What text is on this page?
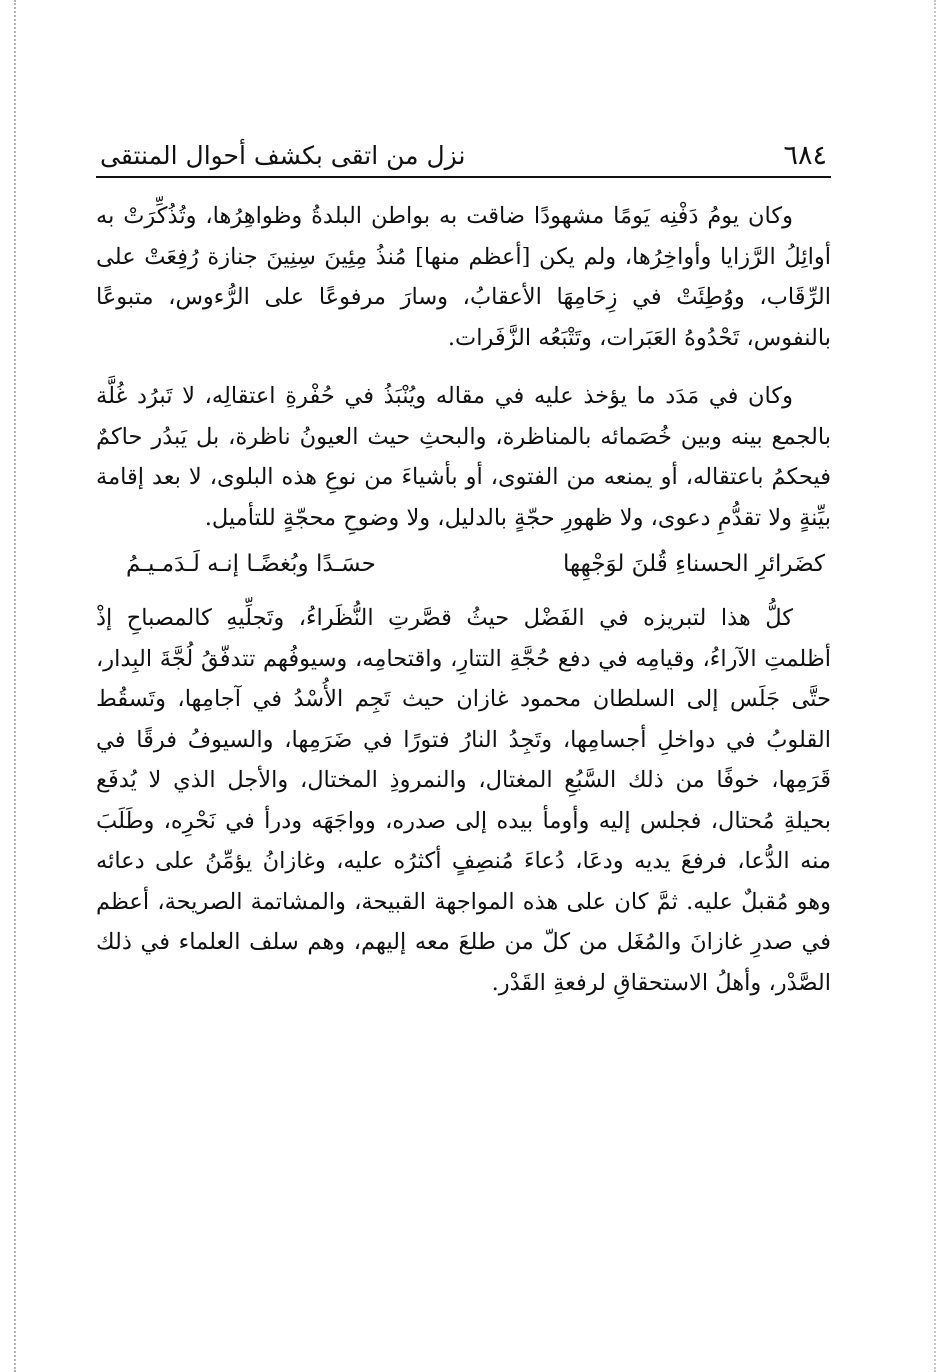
٦٨٤
نزل من اتقى بكشف أحوال المنتقى

وكان يومُ دَفْنِه يَومًا مشهودًا ضاقت به بواطن البلدةُ وظواهِرُها، وتُذُكِّرَتْ به أوائِلُ الرَّزايا وأواخِرُها، ولم يكن [أعظم منها] مُنذُ مِئِينَ سِنِينَ جنازة رُفِعَتْ على الرِّقَاب، ووُطِئَتْ في زِحَامِهَا الأعقابُ، وسارَ مرفوعًا على الرُّءوس، متبوعًا بالنفوس، تَحْدُوهُ العَبَرات، وتَتْبَعُه الزَّفَرات.

وكان في مَدَد ما يؤخذ عليه في مقاله ويُنْبَذُ في حُفْرةِ اعتقالِه، لا تَبرُد غُلَّة بالجمع بينه وبين خُصَمائه بالمناظرة، والبحثِ حيث العيونُ ناظرة، بل يَبدُر حاكمٌ فيحكمُ باعتقاله، أو يمنعه من الفتوى، أو بأشياءَ من نوعِ هذه البلوى، لا بعد إقامة بيِّنةٍ ولا تقدُّمِ دعوى، ولا ظهورِ حجّةٍ بالدليل، ولا وضوحِ محجّةٍ للتأميل.

كضَرائرِ الحسناءِ قُلنَ لوَجْهِها
حسَـدًا وبُغضًـا إنـه لَـدَمـيـمُ

كلُّ هذا لتبريزه في الفَضْل حيثُ قصَّرتِ النُّظَراءُ، وتَجلِّيهِ كالمصباحِ إذْ أظلمتِ الآراءُ، وقيامِه في دفع حُجَّةِ التتارِ، واقتحامِه، وسيوفُهم تتدفّقُ لُجَّةَ البِدار، حتَّى جَلَس إلى السلطان محمود غازان حيث تَجِم الأُسْدُ في آجامِها، وتَسقُط القلوبُ في دواخلِ أجسامِها، وتَجِدُ النارُ فتورًا في ضَرَمِها، والسيوفُ فرقًا في قَرَمِها، خوفًا من ذلك السَّبُعِ المغتال، والنمروذِ المختال، والأجل الذي لا يُدفَع بحيلةِ مُحتال، فجلس إليه وأومأ بيده إلى صدره، وواجَهَه ودرأ في نَحْرِه، وطَلَبَ منه الدُّعا، فرفعَ يديه ودعَا، دُعاءَ مُنصِفٍ أكثرُه عليه، وغازانُ يؤمِّنُ على دعائه وهو مُقبلٌ عليه. ثمَّ كان على هذه المواجهة القبيحة، والمشاتمة الصريحة، أعظم في صدرِ غازانَ والمُغَل من كلّ من طلعَ معه إليهم، وهم سلف العلماء في ذلك الصَّدْر، وأهلُ الاستحقاقِ لرفعةِ القَدْر.
